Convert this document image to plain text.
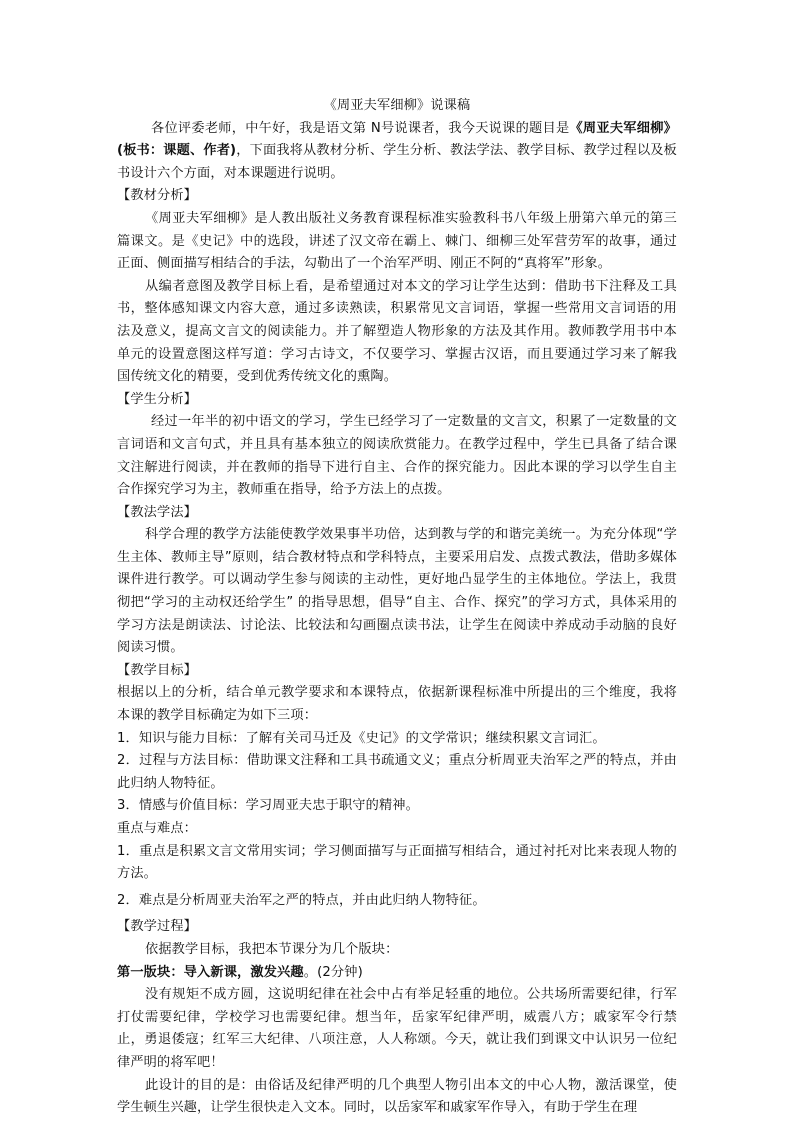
《周亚夫军细柳》说课稿

各位评委老师，中午好，我是语文第 N号说课者，我今天说课的题目是《周亚夫军细柳》(板书：课题、作者)，下面我将从教材分析、学生分析、教法学法、教学目标、教学过程以及板书设计六个方面，对本课题进行说明。

【教材分析】

《周亚夫军细柳》是人教出版社义务教育课程标准实验教科书八年级上册第六单元的第三篇课文。是《史记》中的选段，讲述了汉文帝在霸上、棘门、细柳三处军营劳军的故事，通过正面、侧面描写相结合的手法，勾勒出了一个治军严明、刚正不阿的“真将军”形象。

从编者意图及教学目标上看，是希望通过对本文的学习让学生达到：借助书下注释及工具书，整体感知课文内容大意，通过多读熟读，积累常见文言词语，掌握一些常用文言词语的用法及意义，提高文言文的阅读能力。并了解塑造人物形象的方法及其作用。教师教学用书中本单元的设置意图这样写道：学习古诗文，不仅要学习、掌握古汉语，而且要通过学习来了解我国传统文化的精要，受到优秀传统文化的熏陶。

【学生分析】

经过一年半的初中语文的学习，学生已经学习了一定数量的文言文，积累了一定数量的文言词语和文言句式，并且具有基本独立的阅读欣赏能力。在教学过程中，学生已具备了结合课文注解进行阅读，并在教师的指导下进行自主、合作的探究能力。因此本课的学习以学生自主合作探究学习为主，教师重在指导，给予方法上的点拨。

【教法学法】

科学合理的教学方法能使教学效果事半功倍，达到教与学的和谐完美统一。为充分体现“学生主体、教师主导”原则，结合教材特点和学科特点，主要采用启发、点拨式教法，借助多媒体课件进行教学。可以调动学生参与阅读的主动性，更好地凸显学生的主体地位。学法上，我贯彻把“学习的主动权还给学生” 的指导思想，倡导“自主、合作、探究”的学习方式，具体采用的学习方法是朗读法、讨论法、比较法和勾画圈点读书法，让学生在阅读中养成动手动脑的良好阅读习惯。

【教学目标】

根据以上的分析，结合单元教学要求和本课特点，依据新课程标准中所提出的三个维度，我将本课的教学目标确定为如下三项：

1．知识与能力目标：了解有关司马迁及《史记》的文学常识；继续积累文言词汇。

2．过程与方法目标：借助课文注释和工具书疏通文义；重点分析周亚夫治军之严的特点，并由此归纳人物特征。

3．情感与价值目标：学习周亚夫忠于职守的精神。

重点与难点：

1．重点是积累文言文常用实词；学习侧面描写与正面描写相结合，通过衬托对比来表现人物的方法。

2．难点是分析周亚夫治军之严的特点，并由此归纳人物特征。

【教学过程】

依据教学目标，我把本节课分为几个版块：

第一版块：导入新课，激发兴趣。(2分钟)

没有规矩不成方圆，这说明纪律在社会中占有举足轻重的地位。公共场所需要纪律，行军打仗需要纪律，学校学习也需要纪律。想当年，岳家军纪律严明，威震八方；戚家军令行禁止，勇退倭寇；红军三大纪律、八项注意，人人称颂。今天，就让我们到课文中认识另一位纪律严明的将军吧！

此设计的目的是：由俗话及纪律严明的几个典型人物引出本文的中心人物，激活课堂，使学生顿生兴趣，让学生很快走入文本。同时，以岳家军和戚家军作导入，有助于学生在理
